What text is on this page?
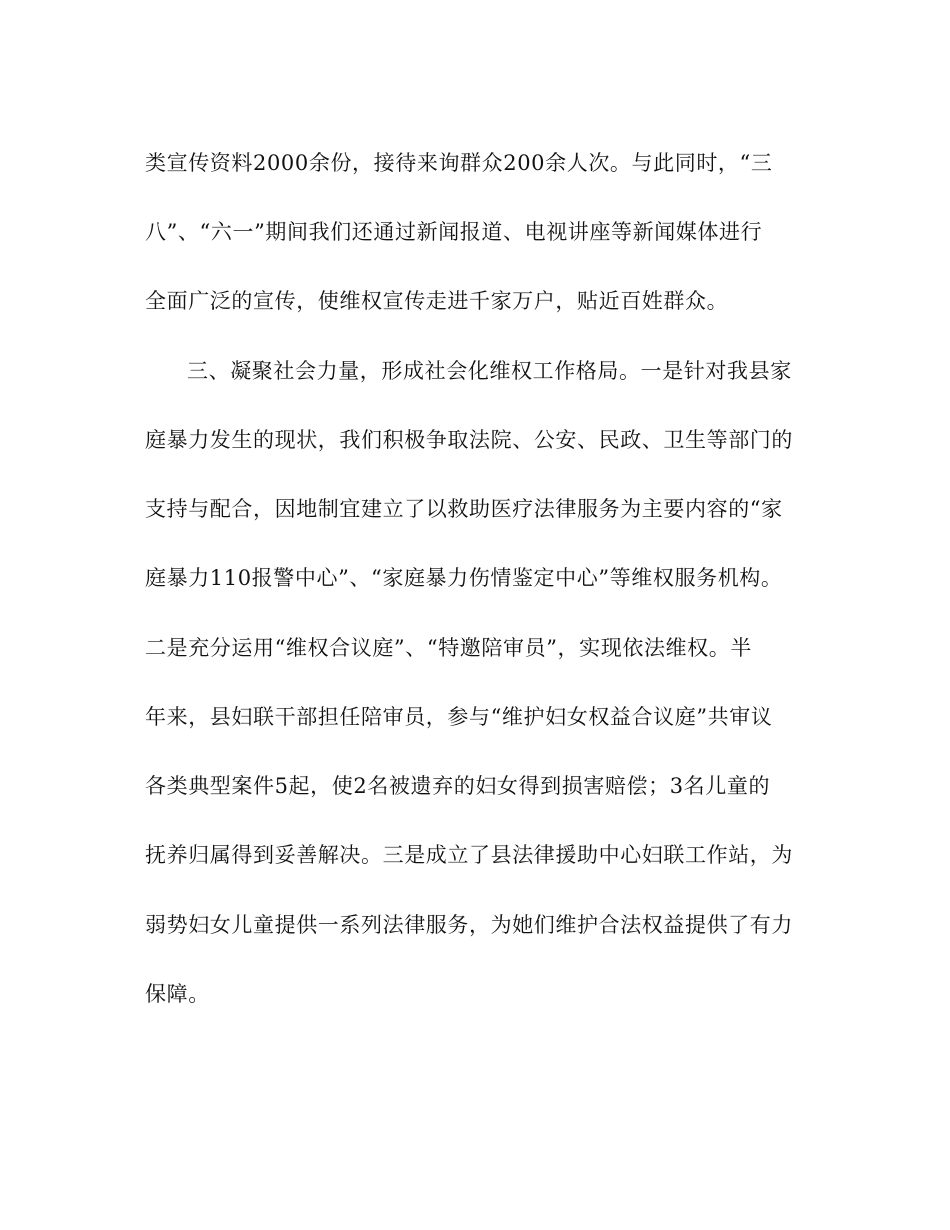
类宣传资料2000余份，接待来询群众200余人次。与此同时，“三
八”、“六一”期间我们还通过新闻报道、电视讲座等新闻媒体进行
全面广泛的宣传，使维权宣传走进千家万户，贴近百姓群众。
三、凝聚社会力量，形成社会化维权工作格局。一是针对我县家
庭暴力发生的现状，我们积极争取法院、公安、民政、卫生等部门的
支持与配合，因地制宜建立了以救助医疗法律服务为主要内容的“家
庭暴力110报警中心”、“家庭暴力伤情鉴定中心”等维权服务机构。
二是充分运用“维权合议庭”、“特邀陪审员”，实现依法维权。半
年来，县妇联干部担任陪审员，参与“维护妇女权益合议庭”共审议
各类典型案件5起，使2名被遗弃的妇女得到损害赔偿；3名儿童的
抚养归属得到妥善解决。三是成立了县法律援助中心妇联工作站，为
弱势妇女儿童提供一系列法律服务，为她们维护合法权益提供了有力
保障。
